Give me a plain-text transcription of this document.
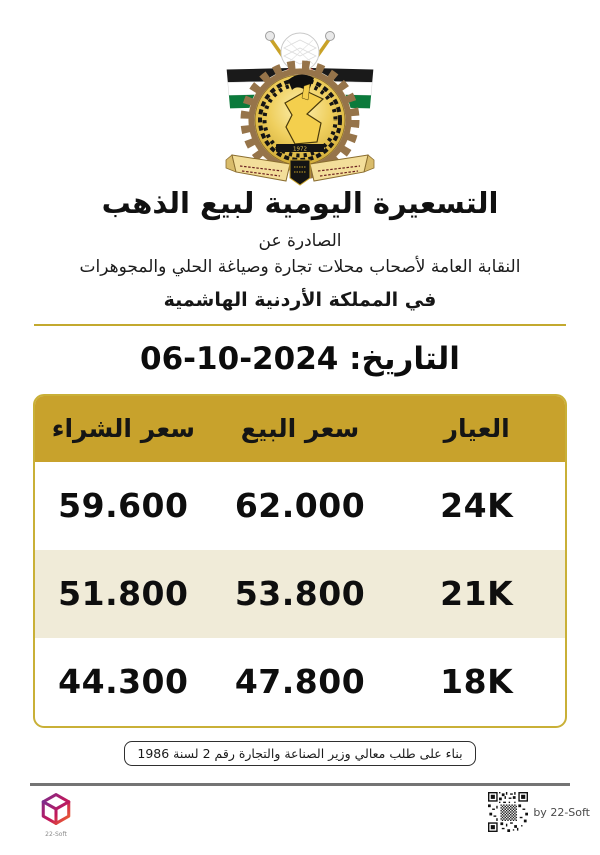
1972
التسعيرة اليومية لبيع الذهب
الصادرة عن
النقابة العامة لأصحاب محلات تجارة وصياغة الحلي والمجوهرات
في المملكة الأردنية الهاشمية
التاريخ: 06-10-2024
العيار
سعر البيع
سعر الشراء
24K
62.000
59.600
21K
53.800
51.800
18K
47.800
44.300
بناء على طلب معالي وزير الصناعة والتجارة رقم 2 لسنة 1986
22-Soft
by 22-Soft
